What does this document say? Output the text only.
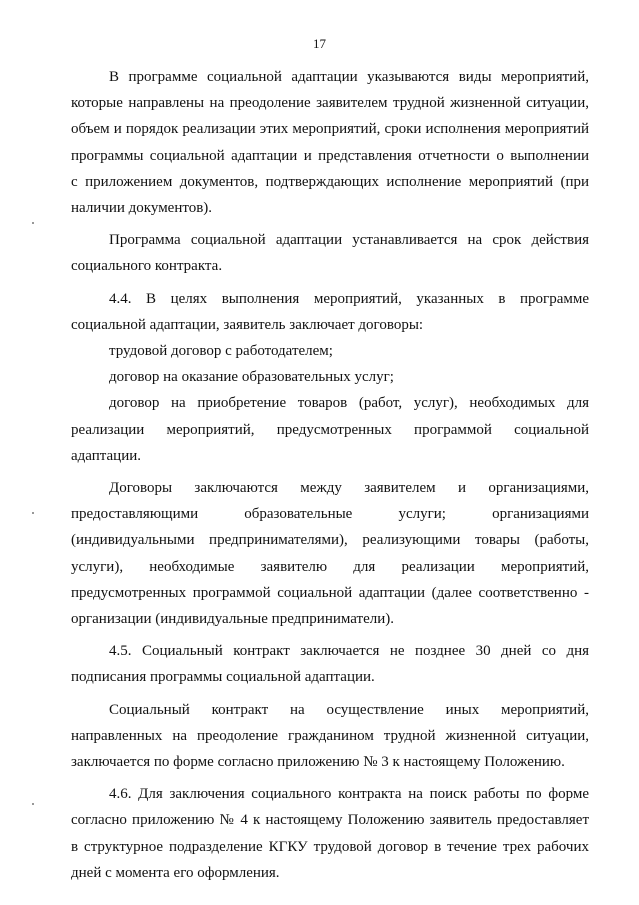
17
В программе социальной адаптации указываются виды мероприятий,
которые направлены на преодоление заявителем трудной жизненной ситуации,
объем и порядок реализации этих мероприятий, сроки исполнения мероприятий
программы социальной адаптации и представления отчетности о выполнении
с приложением документов, подтверждающих исполнение мероприятий (при
наличии документов).
Программа социальной адаптации устанавливается на срок действия
социального контракта.
4.4. В целях выполнения мероприятий, указанных в программе
социальной адаптации, заявитель заключает договоры:
трудовой договор с работодателем;
договор на оказание образовательных услуг;
договор на приобретение товаров (работ, услуг), необходимых для
реализации мероприятий, предусмотренных программой социальной
адаптации.
Договоры заключаются между заявителем и организациями,
предоставляющими образовательные услуги; организациями
(индивидуальными предпринимателями), реализующими товары (работы,
услуги), необходимые заявителю для реализации мероприятий,
предусмотренных программой социальной адаптации (далее соответственно -
организации (индивидуальные предприниматели).
4.5. Социальный контракт заключается не позднее 30 дней со дня
подписания программы социальной адаптации.
Социальный контракт на осуществление иных мероприятий,
направленных на преодоление гражданином трудной жизненной ситуации,
заключается по форме согласно приложению № 3 к настоящему Положению.
4.6. Для заключения социального контракта на поиск работы по форме
согласно приложению № 4 к настоящему Положению заявитель предоставляет
в структурное подразделение КГКУ трудовой договор в течение трех рабочих
дней с момента его оформления.
